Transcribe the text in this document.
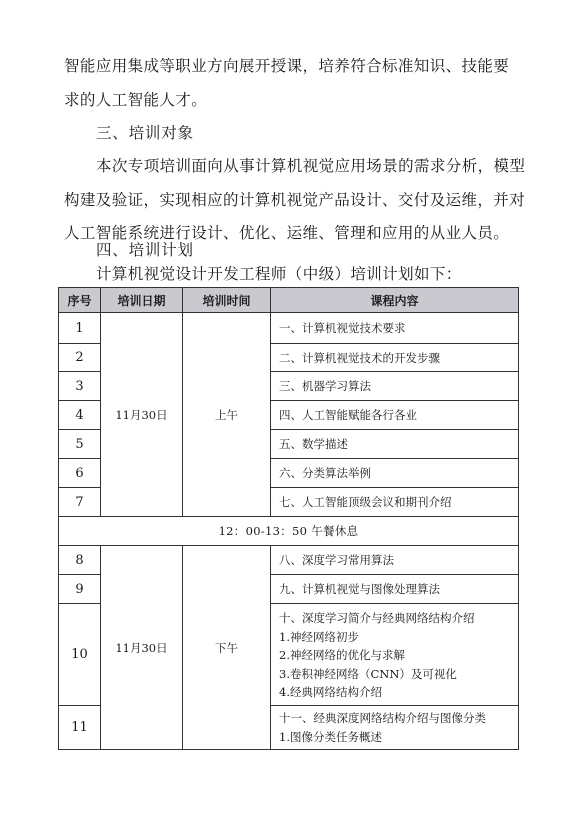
智能应用集成等职业方向展开授课，培养符合标准知识、技能要
求的人工智能人才。
三、培训对象
本次专项培训面向从事计算机视觉应用场景的需求分析，模型
构建及验证，实现相应的计算机视觉产品设计、交付及运维，并对
人工智能系统进行设计、优化、运维、管理和应用的从业人员。
四、培训计划
计算机视觉设计开发工程师（中级）培训计划如下：
序号	培训日期	培训时间	课程内容
1	11月30日	上午	一、计算机视觉技术要求
2			二、计算机视觉技术的开发步骤
3			三、机器学习算法
4			四、人工智能赋能各行各业
5			五、数学描述
6			六、分类算法举例
7			七、人工智能顶级会议和期刊介绍
12：00-13：50 午餐休息			
8	11月30日	下午	八、深度学习常用算法
9			九、计算机视觉与图像处理算法
10			十、深度学习简介与经典网络结构介绍
1.神经网络初步
2.神经网络的优化与求解
3.卷积神经网络（CNN）及可视化
4.经典网络结构介绍

11			十一、经典深度网络结构介绍与图像分类
1.图像分类任务概述
